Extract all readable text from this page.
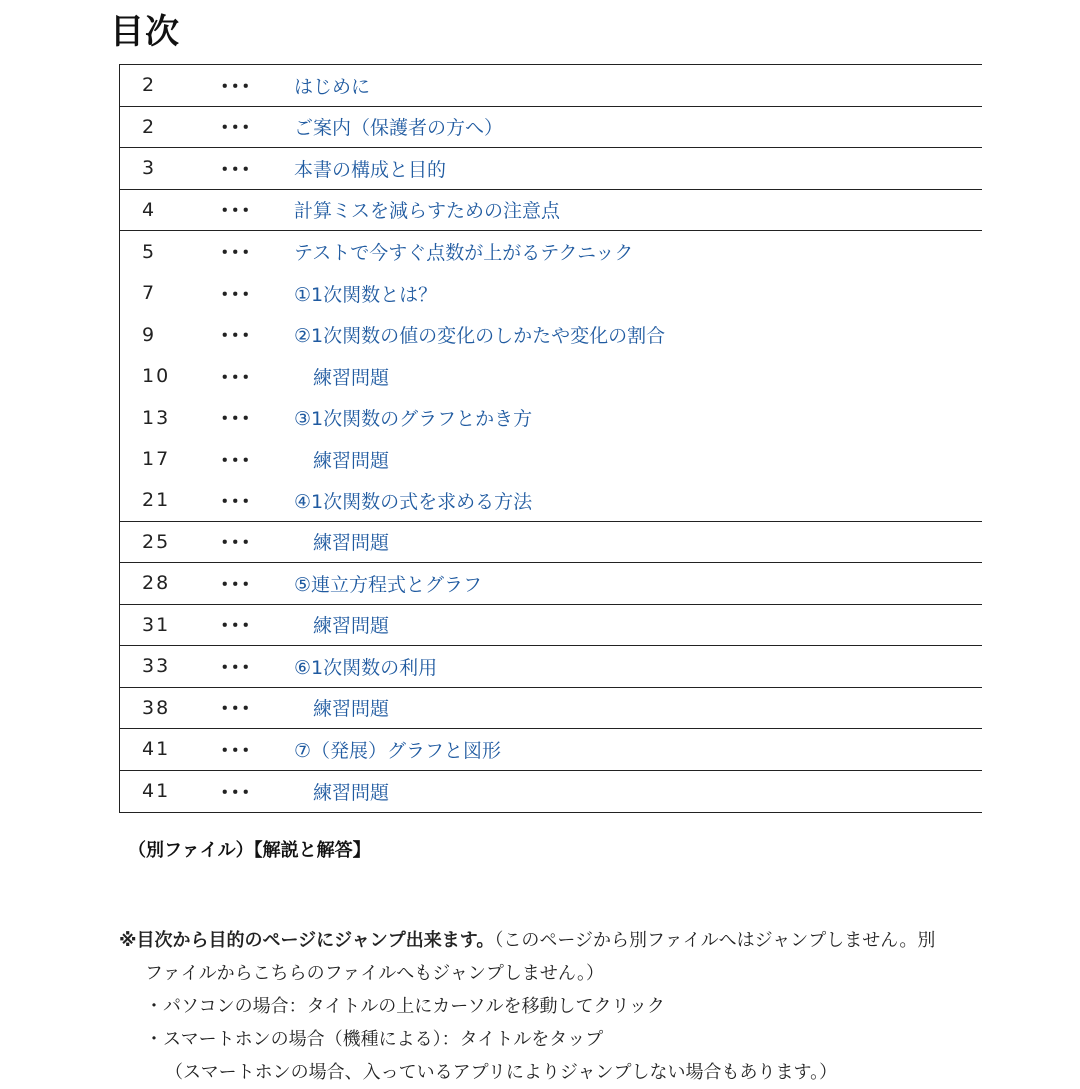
目次
2	･･･	はじめに
2	･･･	ご案内（保護者の方へ）
3	･･･	本書の構成と目的
4	･･･	計算ミスを減らすための注意点
5	･･･	テストで今すぐ点数が上がるテクニック
7	･･･	①1次関数とは？
9	･･･	②1次関数の値の変化のしかたや変化の割合
10	･･･	練習問題
13	･･･	③1次関数のグラフとかき方
17	･･･	練習問題
21	･･･	④1次関数の式を求める方法
25	･･･	練習問題
28	･･･	⑤連立方程式とグラフ
31	･･･	練習問題
33	･･･	⑥1次関数の利用
38	･･･	練習問題
41	･･･	⑦（発展）グラフと図形
41	･･･	練習問題
（別ファイル）【解説と解答】
※目次から目的のページにジャンプ出来ます。（このページから別ファイルへはジャンプしません。別
ファイルからこちらのファイルへもジャンプしません。）
・パソコンの場合：タイトルの上にカーソルを移動してクリック
・スマートホンの場合（機種による）：タイトルをタップ
（スマートホンの場合、入っているアプリによりジャンプしない場合もあります。）
